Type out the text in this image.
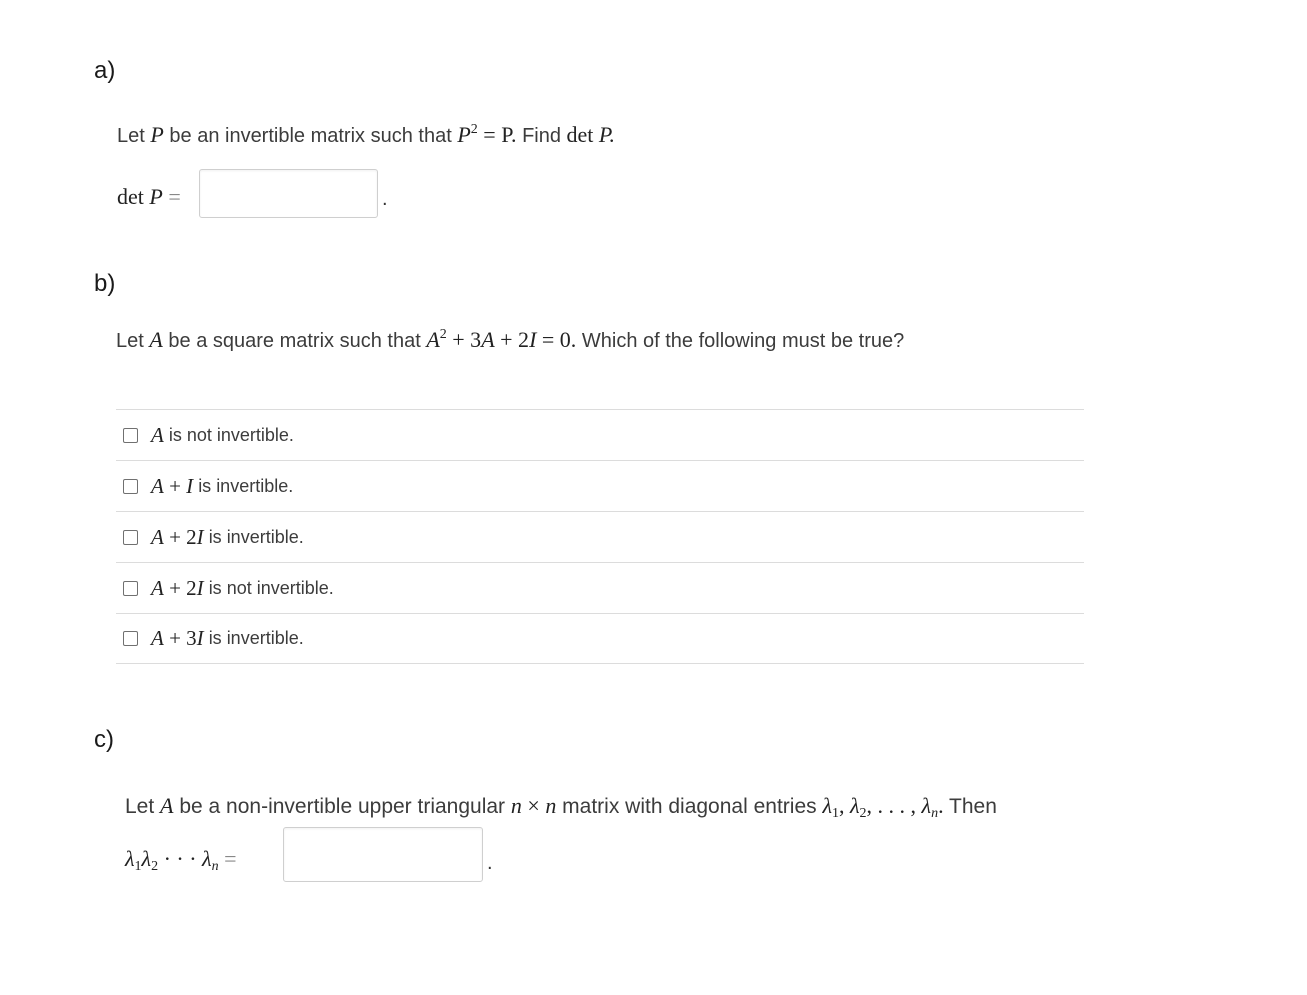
a)
Let P be an invertible matrix such that $P^2 = P$. Find det P.
det P =	.
b)
Let A be a square matrix such that $A^2 + 3A + 2I = 0$. Which of the following must be true?
A
is not invertible.
A + I
is invertible.
A + 2I
is invertible.
A + 2I
is not invertible.
A + 3I
is invertible.
c)
Let A be a non-invertible upper triangular n × n matrix with diagonal entries $\lambda_1$, $\lambda_2$, . . . , $\lambda_n$. Then
$\lambda_1\lambda_2$ · · · $\lambda_n$ =	.
